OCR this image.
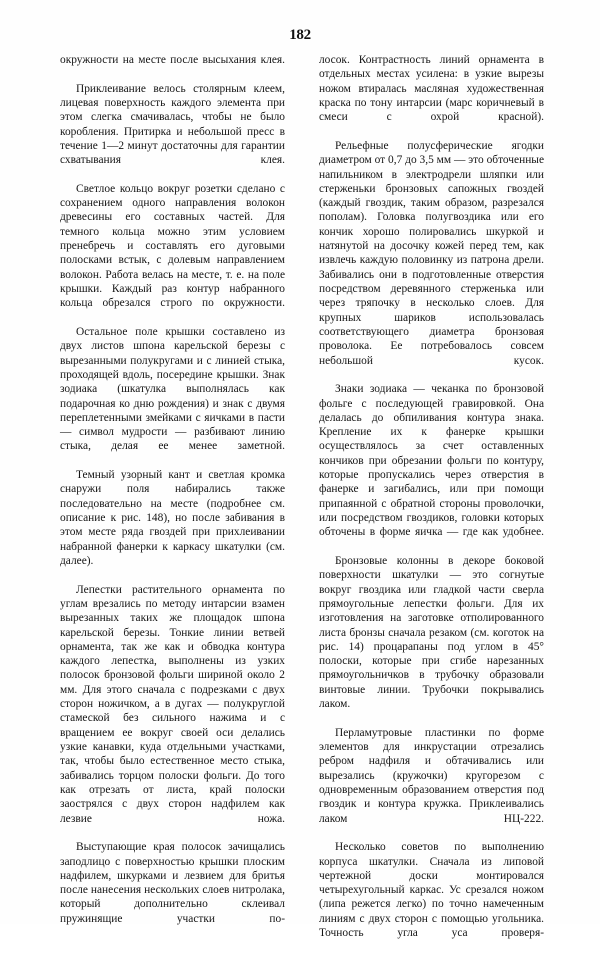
182

окружности на месте после высыхания клея.

Приклеивание велось столярным клеем, лицевая поверхность каждого элемента при этом слегка смачивалась, чтобы не было коробления. Притирка и небольшой пресс в течение 1—2 минут достаточны для гарантии схватывания клея.

Светлое кольцо вокруг розетки сделано с сохранением одного направления волокон древесины его составных частей. Для темного кольца можно этим условием пренебречь и составлять его дуговыми полосками встык, с долевым направлением волокон. Работа велась на месте, т. е. на поле крышки. Каждый раз контур набранного кольца обрезался строго по окружности.

Остальное поле крышки составлено из двух листов шпона карельской березы с вырезанными полукругами и с линией стыка, проходящей вдоль, посередине крышки. Знак зодиака (шкатулка выполнялась как подарочная ко дню рождения) и знак с двумя переплетенными змейками с яичками в пасти — символ мудрости — разбивают линию стыка, делая ее менее заметной.

Темный узорный кант и светлая кромка снаружи поля набирались также последовательно на месте (подробнее см. описание к рис. 148), но после забивания в этом месте ряда гвоздей при прихлеивании набранной фанерки к каркасу шкатулки (см. далее).

Лепестки растительного орнамента по углам врезались по методу интарсии взамен вырезанных таких же площадок шпона карельской березы. Тонкие линии ветвей орнамента, так же как и обводка контура каждого лепестка, выполнены из узких полосок бронзовой фольги шириной около 2 мм. Для этого сначала с подрезками с двух сторон ножичком, а в дугах — полукруглой стамеской без сильного нажима и с вращением ее вокруг своей оси делались узкие канавки, куда отдельными участками, так, чтобы было естественное место стыка, забивались торцом полоски фольги. До того как отрезать от листа, край полоски заострялся с двух сторон надфилем как лезвие ножа.

Выступающие края полосок зачищались заподлицо с поверхностью крышки плоским надфилем, шкурками и лезвием для бритья после нанесения нескольких слоев нитролака, который дополнительно склеивал пружинящие участки по-

лосок. Контрастность линий орнамента в отдельных местах усилена: в узкие вырезы ножом втиралась масляная художественная краска по тону интарсии (марс коричневый в смеси с охрой красной).

Рельефные полусферические ягодки диаметром от 0,7 до 3,5 мм — это обточенные напильником в электродрели шляпки или стерженьки бронзовых сапожных гвоздей (каждый гвоздик, таким образом, разрезался пополам). Головка полугвоздика или его кончик хорошо полировались шкуркой и натянутой на досочку кожей перед тем, как извлечь каждую половинку из патрона дрели. Забивались они в подготовленные отверстия посредством деревянного стерженька или через тряпочку в несколько слоев. Для крупных шариков использовалась соответствующего диаметра бронзовая проволока. Ее потребовалось совсем небольшой кусок.

Знаки зодиака — чеканка по бронзовой фольге с последующей гравировкой. Она делалась до обпиливания контура знака. Крепление их к фанерке крышки осуществлялось за счет оставленных кончиков при обрезании фольги по контуру, которые пропускались через отверстия в фанерке и загибались, или при помощи припаянной с обратной стороны проволочки, или посредством гвоздиков, головки которых обточены в форме яичка — где как удобнее.

Бронзовые колонны в декоре боковой поверхности шкатулки — это согнутые вокруг гвоздика или гладкой части сверла прямоугольные лепестки фольги. Для их изготовления на заготовке отполированного листа бронзы сначала резаком (см. коготок на рис. 14) процарапаны под углом в 45° полоски, которые при сгибе нарезанных прямоугольничков в трубочку образовали винтовые линии. Трубочки покрывались лаком.

Перламутровые пластинки по форме элементов для инкрустации отрезались ребром надфиля и обтачивались или вырезались (кружочки) кругорезом с одновременным образованием отверстия под гвоздик и контура кружка. Приклеивались лаком НЦ-222.

Несколько советов по выполнению корпуса шкатулки. Сначала из липовой чертежной доски монтировался четырехугольный каркас. Ус срезался ножом (липа режется легко) по точно намеченным линиям с двух сторон с помощью угольника. Точность угла уса проверя-
